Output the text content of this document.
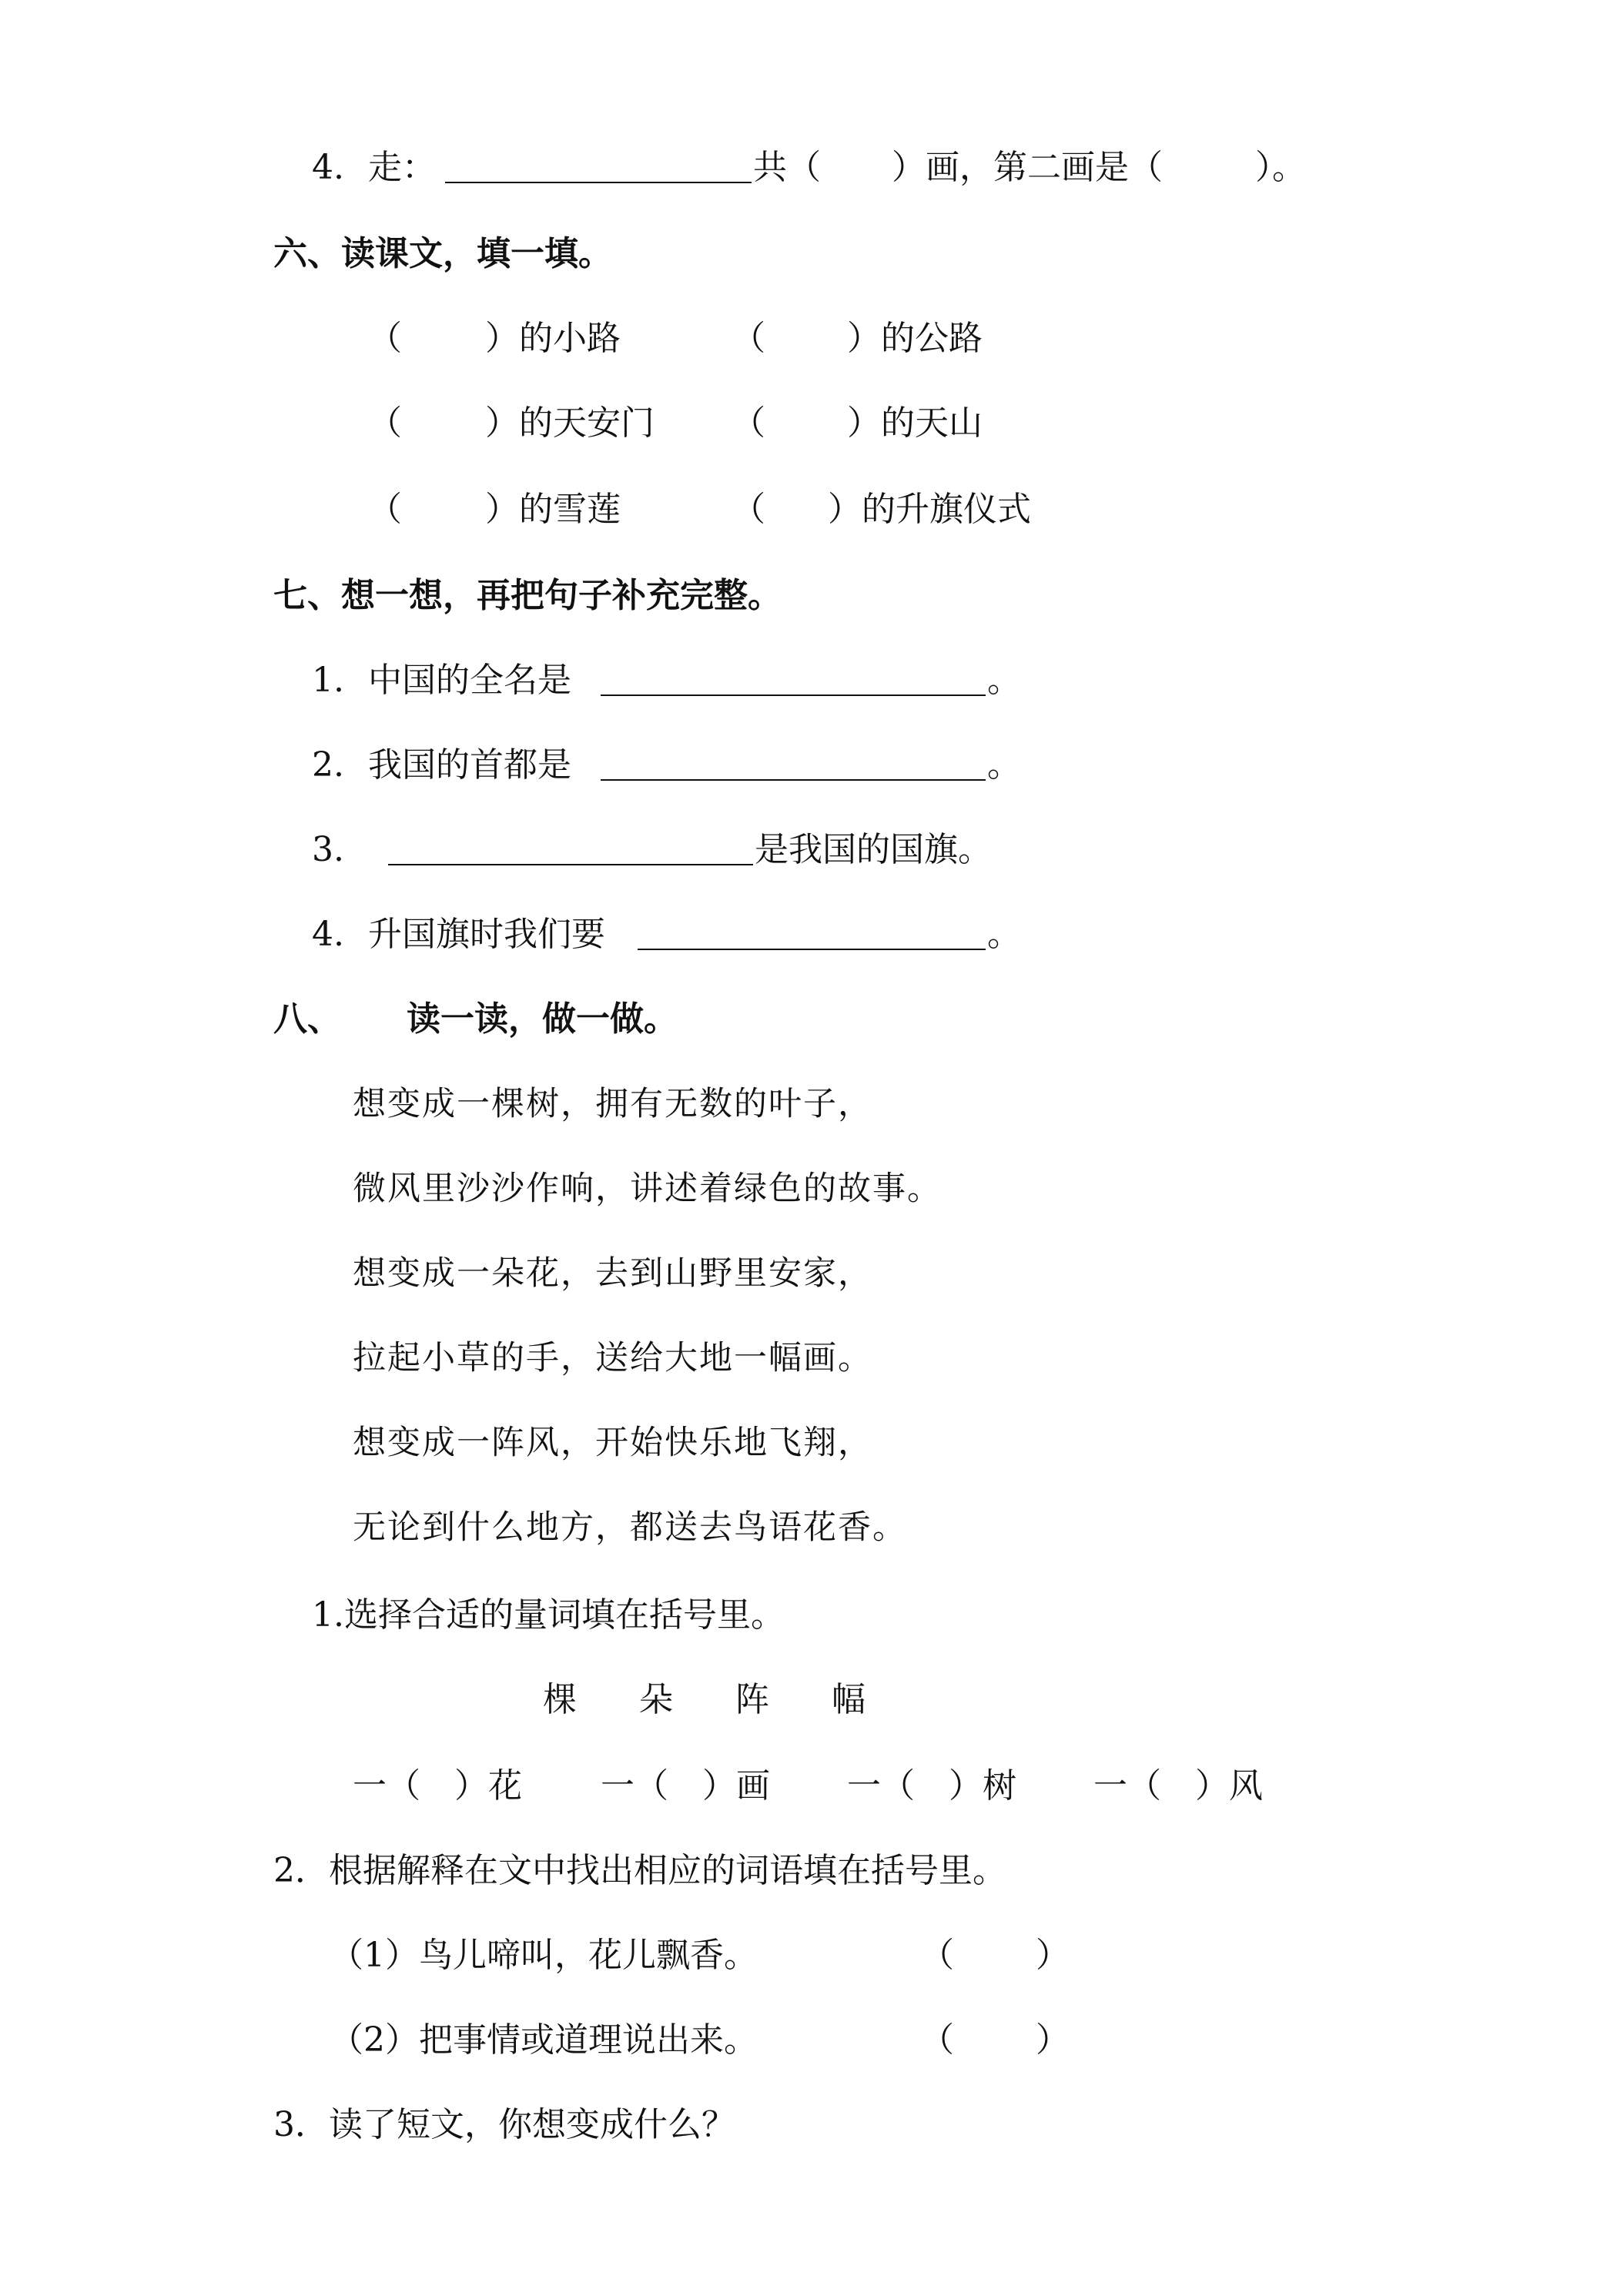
4. 走：	共（ ）画，第二画是（	）。
六、读课文，填一填。
（ ）的小路	（ ）的公路
（ ）的天安门 （ ）的天山
（ ）的雪莲	（ ）的升旗仪式
七、想一想，再把句子补充完整。
1. 中国的全名是	。
2. 我国的首都是	。
3.	是我国的国旗。
4. 升国旗时我们要	。
八、 读一读，做一做。
想变成一棵树，拥有无数的叶子，
微风里沙沙作响，讲述着绿色的故事。
想变成一朵花，去到山野里安家，
拉起小草的手，送给大地一幅画。
想变成一阵风，开始快乐地飞翔，
无论到什么地方，都送去鸟语花香。
1.选择合适的量词填在括号里。
棵 朵 阵 幅
一（　）花 一（　）画 一（　）树 一（　）风
2．根据解释在文中找出相应的词语填在括号里。
（1）鸟儿啼叫，花儿飘香。	（ ）
（2）把事情或道理说出来。	（ ）
3．读了短文，你想变成什么？
